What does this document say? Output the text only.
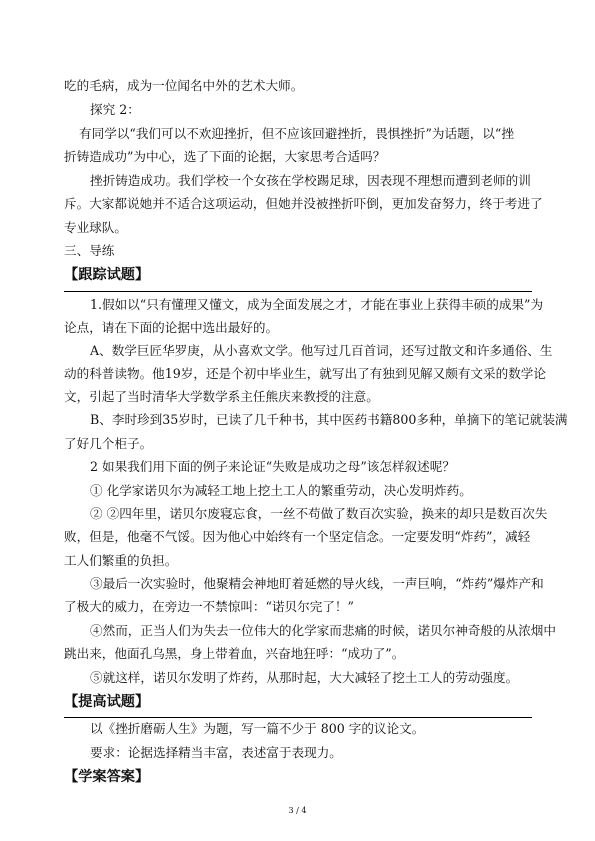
吃的毛病，成为一位闻名中外的艺术大师。
探究 2：
有同学以“我们可以不欢迎挫折，但不应该回避挫折，畏惧挫折”为话题，以“挫
折铸造成功”为中心，选了下面的论据，大家思考合适吗？
挫折铸造成功。我们学校一个女孩在学校踢足球，因表现不理想而遭到老师的训
斥。大家都说她并不适合这项运动，但她并没被挫折吓倒，更加发奋努力，终于考进了
专业球队。
三、导练
【跟踪试题】
1.假如以“只有懂理又懂文，成为全面发展之才，才能在事业上获得丰硕的成果”为
论点，请在下面的论据中选出最好的。
A、数学巨匠华罗庚，从小喜欢文学。他写过几百首词，还写过散文和许多通俗、生
动的科普读物。他19岁，还是个初中毕业生，就写出了有独到见解又颇有文采的数学论
文，引起了当时清华大学数学系主任熊庆来教授的注意。
B、李时珍到35岁时，已读了几千种书，其中医药书籍800多种，单摘下的笔记就装满
了好几个柜子。
2 如果我们用下面的例子来论证“失败是成功之母”该怎样叙述呢？
① 化学家诺贝尔为减轻工地上挖土工人的繁重劳动，决心发明炸药。
② ②四年里，诺贝尔废寝忘食，一丝不苟做了数百次实验，换来的却只是数百次失
败，但是，他毫不气馁。因为他心中始终有一个坚定信念。一定要发明“炸药”，减轻
工人们繁重的负担。
③最后一次实验时，他聚精会神地盯着延燃的导火线，一声巨响，“炸药”爆炸产和
了极大的威力，在旁边一不禁惊叫：“诺贝尔完了！”
④然而，正当人们为失去一位伟大的化学家而悲痛的时候，诺贝尔神奇般的从浓烟中
跳出来，他面孔乌黑，身上带着血，兴奋地狂呼：“成功了”。
⑤就这样，诺贝尔发明了炸药，从那时起，大大减轻了挖土工人的劳动强度。
【提高试题】
以《挫折磨砺人生》为题，写一篇不少于 800 字的议论文。
要求：论据选择精当丰富，表述富于表现力。
【学案答案】
3 / 4
